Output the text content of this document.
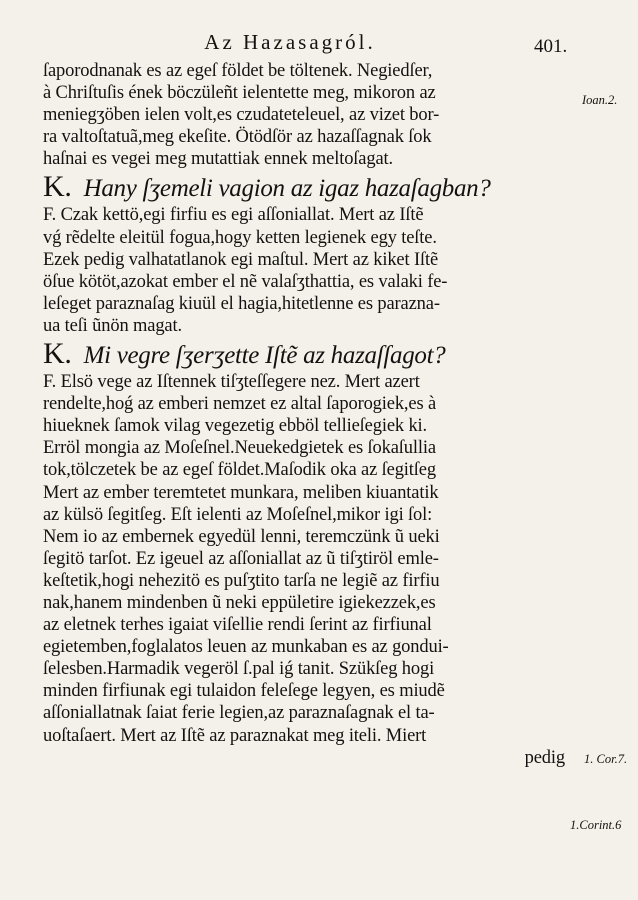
Az Hazasagról.	401.
ſaporodnanak es az egeſ földet be töltenek. Negiedſer,
à Chriſtuſis ének böczüleñt ielentette meg, mikoron az
meniegʒöben ielen volt,es czudateteleuel, az vizet bor-
ra valtoſtatuã,meg ekeſite. Ötödſör az hazaſſagnak ſok
haſnai es vegei meg mutattiak ennek meltoſagat.
K. Hany ſʒemeli vagion az igaz hazaſagban?
F. Czak kettö,egi firfiu es egi aſſoniallat. Mert az Iſtẽ
vǵ rẽdelte eleitül fogua,hogy ketten legienek egy teſte.
Ezek pedig valhatatlanok egi maſtul. Mert az kiket Iſtẽ
öſue kötöt,azokat ember el nẽ valaſʒthattia, es valaki fe-
leſeget paraznaſag kiuül el hagia,hitetlenne es parazna-
ua teſi ũnön magat.
K. Mi vegre ſʒerʒette Iſtẽ az hazaſſagot?
F. Elsö vege az Iſtennek tiſʒteſſegere nez. Mert azert
rendelte,hoǵ az emberi nemzet ez altal ſaporogiek,es à
hiueknek ſamok vilag vegezetig ebböl tellieſegiek ki.
Erröl mongia az Moſeſnel.Neuekedgietek es ſokaſullia
tok,tölczetek be az egeſ földet.Maſodik oka az ſegitſeg
Mert az ember teremtetet munkara, meliben kiuantatik
az külsö ſegitſeg. Eſt ielenti az Moſeſnel,mikor igi ſol:
Nem io az embernek egyedül lenni, teremczünk ũ ueki
ſegitö tarſot. Ez igeuel az aſſoniallat az ũ tiſʒtiröl emle-
keſtetik,hogi nehezitö es puſʒtito tarſa ne legiẽ az firfiu
nak,hanem mindenben ũ neki eppületire igiekezzek,es
az eletnek terhes igaiat viſellie rendi ſerint az firfiunal
egietemben,foglalatos leuen az munkaban es az gondui-
ſelesben.Harmadik vegeröl ſ.pal iǵ tanit. Szükſeg hogi
minden firfiunak egi tulaidon feleſege legyen, es miudẽ
aſſoniallatnak ſaiat ferie legien,az paraznaſagnak el ta-
uoſtaſaert. Mert az Iſtẽ az paraznakat meg iteli. Miert
pedig
Ioan.2.
1. Cor.7.
1.Corint.6
